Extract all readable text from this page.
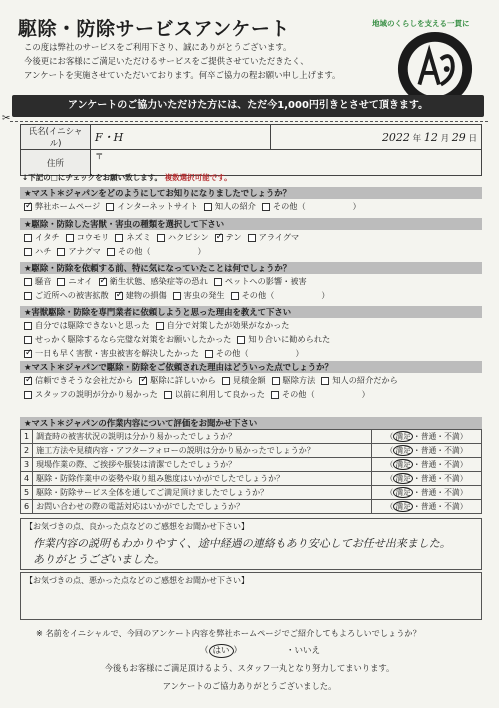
駆除・防除サービスアンケート	地域のくらしを支える一貫に
この度は弊社のサービスをご利用下さり、誠にありがとうございます。
今後更にお客様にご満足いただけるサービスをご提供させていただきたく、
アンケートを実施させていただいております。何卒ご協力の程お願い申し上げます。
アンケートのご協力いただけた方には、ただ今1,000円引きとさせて頂きます。
✂
氏名(イニシャル)	F・H	2022 年 12 月 29 日
住所	〒	
↓下記の□にチェックをお願い致します。 複数選択可能です。
★マスト＊ジャパンをどのようにしてお知りになりましたでしょうか？
✓
弊社ホームページ インターネットサイト 知人の紹介 その他（ 　　　　　）
★駆除・防除した害獣・害虫の種類を選択して下さい
イタチ コウモリ ネズミ ハクビシン ✓ テン アライグマ
ハチ アナグマ その他（ 　　　　　）
★駆除・防除を依頼する前、特に気になっていたことは何でしょうか？
騒音 ニオイ ✓ 衛生状態、感染症等の恐れ ペットへの影響・被害
ご近所への被害拡散 ✓ 建物の損傷 害虫の発生 その他（ 　　　　　）
★害獣駆除・防除を専門業者に依頼しようと思った理由を教えて下さい
自分では駆除できないと思った 自分で対策したが効果がなかった
せっかく駆除するなら完璧な対策をお願いしたかった 知り合いに勧められた
✓
一日も早く害獣・害虫被害を解決したかった その他（ 　　　　　）
★マスト＊ジャパンで駆除・防除をご依頼された理由はどういった点でしょうか？
✓
信頼できそうな会社だから ✓ 駆除に詳しいから 見積金額 駆除方法 知人の紹介だから
スタッフの説明が分かり易かった 以前に利用して良かった その他（ 　　　　　）
★マスト＊ジャパンの作業内容について評価をお聞かせ下さい
1	調査時の被害状況の説明は分かり易かったでしょうか？	（ 満足 ・普通・不満）
2	施工方法や見積内容・アフターフォローの説明は分かり易かったでしょうか？	（ 満足 ・普通・不満）
3	現場作業の際、ご挨拶や服装は清潔でしたでしょうか？	（ 満足 ・普通・不満）
4	駆除・防除作業中の姿勢や取り組み態度はいかがでしたでしょうか？	（ 満足 ・普通・不満）
5	駆除・防除サービス全体を通してご満足頂けましたでしょうか？	（ 満足 ・普通・不満）
6	お問い合わせの際の電話対応はいかがでしたでしょうか？	（ 満足 ・普通・不満）
【お気づきの点、良かった点などのご感想をお聞かせ下さい】
作業内容の説明もわかりやすく、途中経過の連絡もあり安心してお任せ出来ました。
ありがとうございました。
【お気づきの点、悪かった点などのご感想をお聞かせ下さい】
※ 名前をイニシャルで、今回のアンケート内容を弊社ホームページでご紹介してもよろしいでしょうか？
（ はい ）	・いいえ
今後もお客様にご満足頂けるよう、スタッフ一丸となり努力してまいります。
アンケートのご協力ありがとうございました。
